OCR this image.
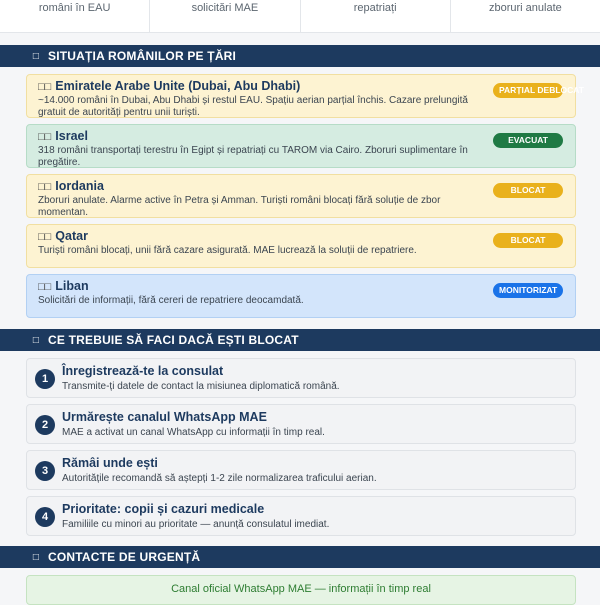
români în EAU	solicitări MAE	repatriați	zboruri anulate
□ SITUAȚIA ROMÂNILOR PE ȚĂRI
□□ Emiratele Arabe Unite (Dubai, Abu Dhabi)
~14.000 români în Dubai, Abu Dhabi și restul EAU. Spațiu aerian parțial închis. Cazare prelungită gratuit de autorități pentru unii turiști.
PARȚIAL DEBLOCAT
□□ Israel
318 români transportați terestru în Egipt și repatriați cu TAROM via Cairo. Zboruri suplimentare în pregătire.
EVACUAT
□□ Iordania
Zboruri anulate. Alarme active în Petra și Amman. Turiști români blocați fără soluție de zbor momentan.
BLOCAT
□□ Qatar
Turiști români blocați, unii fără cazare asigurată. MAE lucrează la soluții de repatriere.
BLOCAT
□□ Liban
Solicitări de informații, fără cereri de repatriere deocamdată.
MONITORIZAT
□ CE TREBUIE SĂ FACI DACĂ EȘTI BLOCAT
1
Înregistrează-te la consulat
Transmite-ți datele de contact la misiunea diplomatică română.
2
Urmărește canalul WhatsApp MAE
MAE a activat un canal WhatsApp cu informații în timp real.
3
Rămâi unde ești
Autoritățile recomandă să aștepți 1-2 zile normalizarea traficului aerian.
4
Prioritate: copii și cazuri medicale
Familiile cu minori au prioritate — anunță consulatul imediat.
□ CONTACTE DE URGENȚĂ
Canal oficial WhatsApp MAE — informații în timp real
